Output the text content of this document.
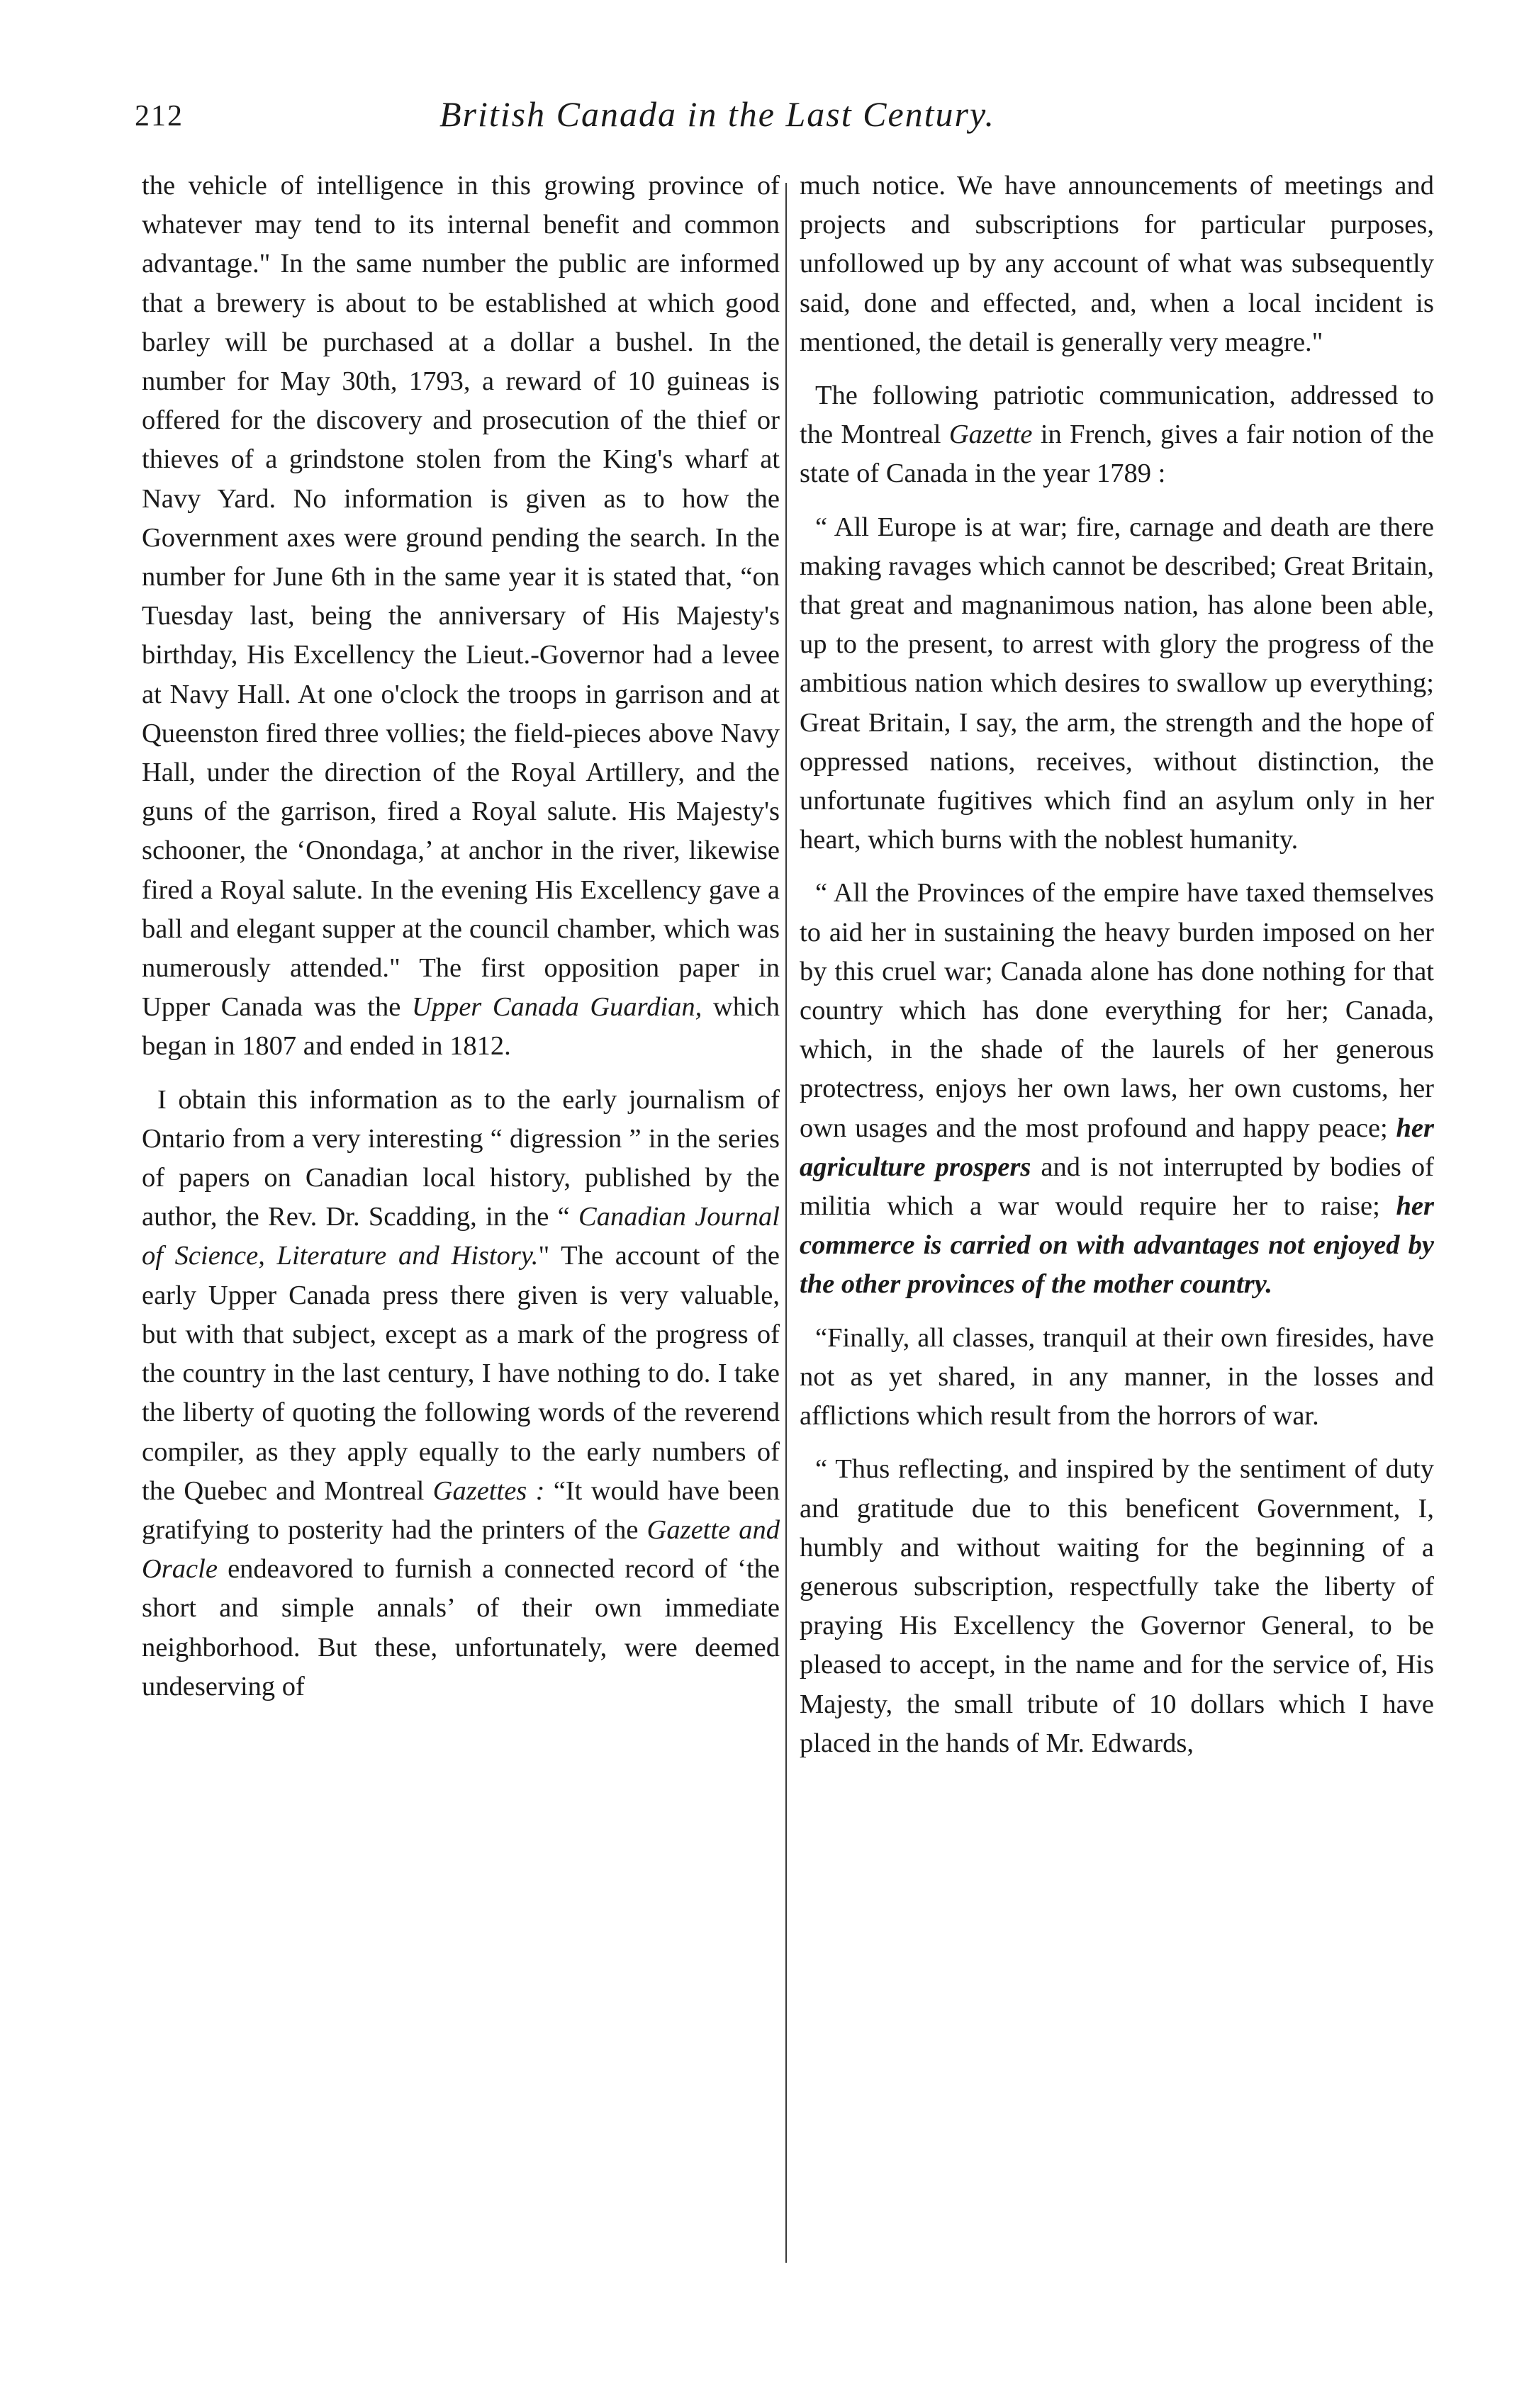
212	British Canada in the Last Century.

the vehicle of intelligence in this growing province of whatever may tend to its internal benefit and common advantage." In the same number the public are informed that a brewery is about to be established at which good barley will be purchased at a dollar a bushel. In the number for May 30th, 1793, a reward of 10 guineas is offered for the discovery and prosecution of the thief or thieves of a grindstone stolen from the King's wharf at Navy Yard. No information is given as to how the Government axes were ground pending the search. In the number for June 6th in the same year it is stated that, “on Tuesday last, being the anniversary of His Majesty's birthday, His Excellency the Lieut.-Governor had a levee at Navy Hall. At one o'clock the troops in garrison and at Queenston fired three vollies; the field-pieces above Navy Hall, under the direction of the Royal Artillery, and the guns of the garrison, fired a Royal salute. His Majesty's schooner, the ‘Onondaga,’ at anchor in the river, likewise fired a Royal salute. In the evening His Excellency gave a ball and elegant supper at the council chamber, which was numerously attended." The first opposition paper in Upper Canada was the Upper Canada Guardian, which began in 1807 and ended in 1812.

I obtain this information as to the early journalism of Ontario from a very interesting “ digression ” in the series of papers on Canadian local history, published by the author, the Rev. Dr. Scadding, in the “ Canadian Journal of Science, Literature and History." The account of the early Upper Canada press there given is very valuable, but with that subject, except as a mark of the progress of the country in the last century, I have nothing to do. I take the liberty of quoting the following words of the reverend compiler, as they apply equally to the early numbers of the Quebec and Montreal Gazettes : “It would have been gratifying to posterity had the printers of the Gazette and Oracle endeavored to furnish a connected record of ‘the short and simple annals’ of their own immediate neighborhood. But these, unfortunately, were deemed undeserving of

much notice. We have announcements of meetings and projects and subscriptions for particular purposes, unfollowed up by any account of what was subsequently said, done and effected, and, when a local incident is mentioned, the detail is generally very meagre."

The following patriotic communication, addressed to the Montreal Gazette in French, gives a fair notion of the state of Canada in the year 1789 :

“ All Europe is at war; fire, carnage and death are there making ravages which cannot be described; Great Britain, that great and magnanimous nation, has alone been able, up to the present, to arrest with glory the progress of the ambitious nation which desires to swallow up everything; Great Britain, I say, the arm, the strength and the hope of oppressed nations, receives, without distinction, the unfortunate fugitives which find an asylum only in her heart, which burns with the noblest humanity.

“ All the Provinces of the empire have taxed themselves to aid her in sustaining the heavy burden imposed on her by this cruel war; Canada alone has done nothing for that country which has done everything for her; Canada, which, in the shade of the laurels of her generous protectress, enjoys her own laws, her own customs, her own usages and the most profound and happy peace; her agriculture prospers and is not interrupted by bodies of militia which a war would require her to raise; her commerce is carried on with advantages not enjoyed by the other provinces of the mother country.

“Finally, all classes, tranquil at their own firesides, have not as yet shared, in any manner, in the losses and afflictions which result from the horrors of war.

“ Thus reflecting, and inspired by the sentiment of duty and gratitude due to this beneficent Government, I, humbly and without waiting for the beginning of a generous subscription, respectfully take the liberty of praying His Excellency the Governor General, to be pleased to accept, in the name and for the service of, His Majesty, the small tribute of 10 dollars which I have placed in the hands of Mr. Edwards,
